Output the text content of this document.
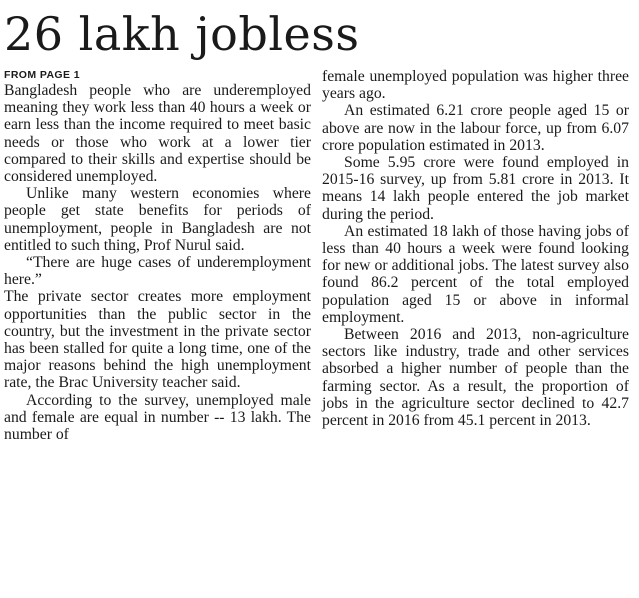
26 lakh jobless

FROM PAGE 1

Bangladesh people who are underemployed meaning they work less than 40 hours a week or earn less than the income required to meet basic needs or those who work at a lower tier compared to their skills and expertise should be considered unemployed.

Unlike many western economies where people get state benefits for periods of unemployment, people in Bangladesh are not entitled to such thing, Prof Nurul said.

“There are huge cases of underemployment here.”

The private sector creates more employment opportunities than the public sector in the country, but the investment in the private sector has been stalled for quite a long time, one of the major reasons behind the high unemployment rate, the Brac University teacher said.

According to the survey, unemployed male and female are equal in number -- 13 lakh. The number of

female unemployed population was higher three years ago.

An estimated 6.21 crore people aged 15 or above are now in the labour force, up from 6.07 crore population estimated in 2013.

Some 5.95 crore were found employed in 2015-16 survey, up from 5.81 crore in 2013. It means 14 lakh people entered the job market during the period.

An estimated 18 lakh of those having jobs of less than 40 hours a week were found looking for new or additional jobs. The latest survey also found 86.2 percent of the total employed population aged 15 or above in informal employment.

Between 2016 and 2013, non-agriculture sectors like industry, trade and other services absorbed a higher number of people than the farming sector. As a result, the proportion of jobs in the agriculture sector declined to 42.7 percent in 2016 from 45.1 percent in 2013.
